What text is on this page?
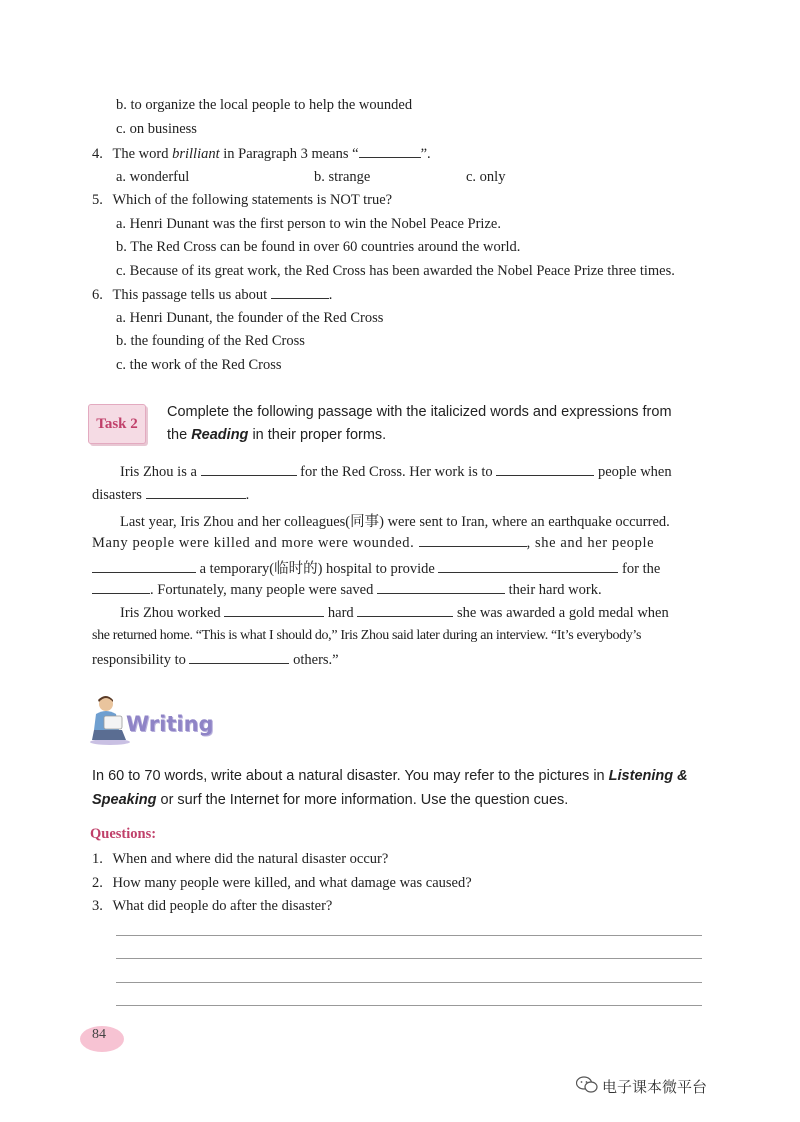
b. to organize the local people to help the wounded
c. on business
4. The word brilliant in Paragraph 3 means “	”.
a. wonderful	b. strange	c. only
5. Which of the following statements is NOT true?
a. Henri Dunant was the first person to win the Nobel Peace Prize.
b. The Red Cross can be found in over 60 countries around the world.
c. Because of its great work, the Red Cross has been awarded the Nobel Peace Prize three times.
6. This passage tells us about	.
a. Henri Dunant, the founder of the Red Cross
b. the founding of the Red Cross
c. the work of the Red Cross
Task 2
Complete the following passage with the italicized words and expressions from
the Reading in their proper forms.
Iris Zhou is a	for the Red Cross. Her work is to	people when
disasters	.
Last year, Iris Zhou and her colleagues(同事) were sent to Iran, where an earthquake occurred.
Many people were killed and more were wounded.	, she and her people
a temporary(临时的) hospital to provide	for the
. Fortunately, many people were saved	their hard work.
Iris Zhou worked	hard	she was awarded a gold medal when
she returned home. “This is what I should do,” Iris Zhou said later during an interview. “It’s everybody’s
responsibility to	others.”
Writing
In 60 to 70 words, write about a natural disaster. You may refer to the pictures in Listening &
Speaking or surf the Internet for more information. Use the question cues.
Questions:
1. When and where did the natural disaster occur?
2. How many people were killed, and what damage was caused?
3. What did people do after the disaster?
84
电子课本微平台
